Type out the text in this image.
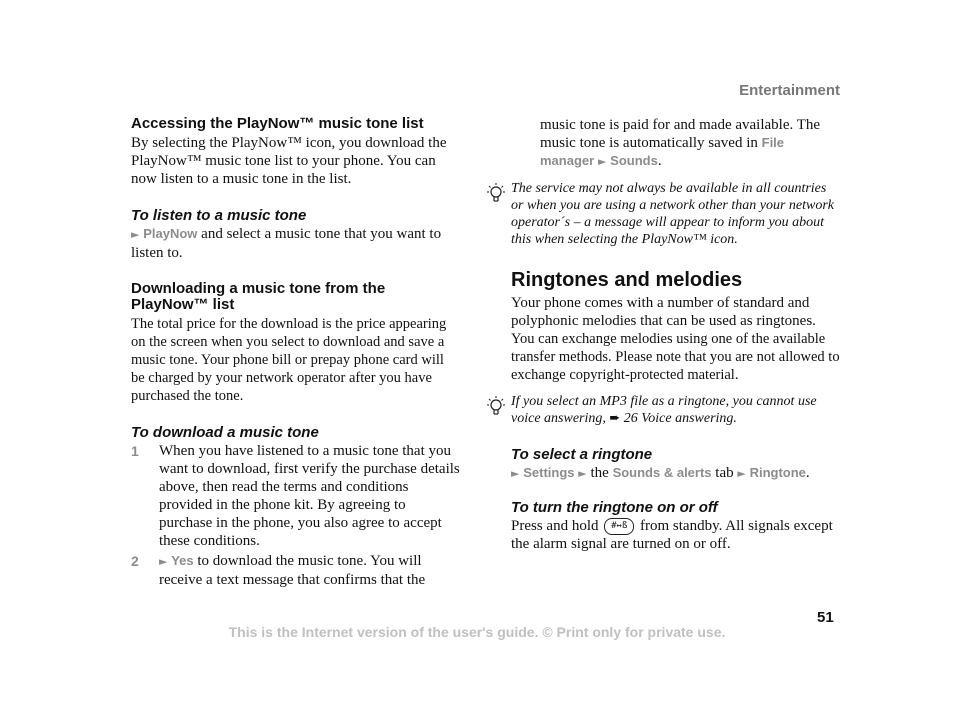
Entertainment
Accessing the PlayNow™ music tone list

By selecting the PlayNow™ icon, you download the PlayNow™ music tone list to your phone. You can now listen to a music tone in the list.

To listen to a music tone

► PlayNow and select a music tone that you want to listen to.

Downloading a music tone from the PlayNow™ list

The total price for the download is the price appearing on the screen when you select to download and save a music tone. Your phone bill or prepay phone card will be charged by your network operator after you have purchased the tone.

To download a music tone
1	When you have listened to a music tone that you want to download, first verify the purchase details above, then read the terms and conditions provided in the phone kit. By agreeing to purchase in the phone, you also agree to accept these conditions.
2	► Yes to download the music tone. You will receive a text message that confirms that the

music tone is paid for and made available. The music tone is automatically saved in File manager ► Sounds.

The service may not always be available in all countries or when you are using a network other than your network operator´s – a message will appear to inform you about this when selecting the PlayNow™ icon.
Ringtones and melodies

Your phone comes with a number of standard and polyphonic melodies that can be used as ringtones.

You can exchange melodies using one of the available transfer methods. Please note that you are not allowed to exchange copyright-protected material.

If you select an MP3 file as a ringtone, you cannot use voice answering, ➨ 26 Voice answering.
To select a ringtone

► Settings ► the Sounds & alerts tab ► Ringtone.

To turn the ringtone on or off

Press and hold #↔ß from standby. All signals except the alarm signal are turned on or off.

51
This is the Internet version of the user's guide. © Print only for private use.
